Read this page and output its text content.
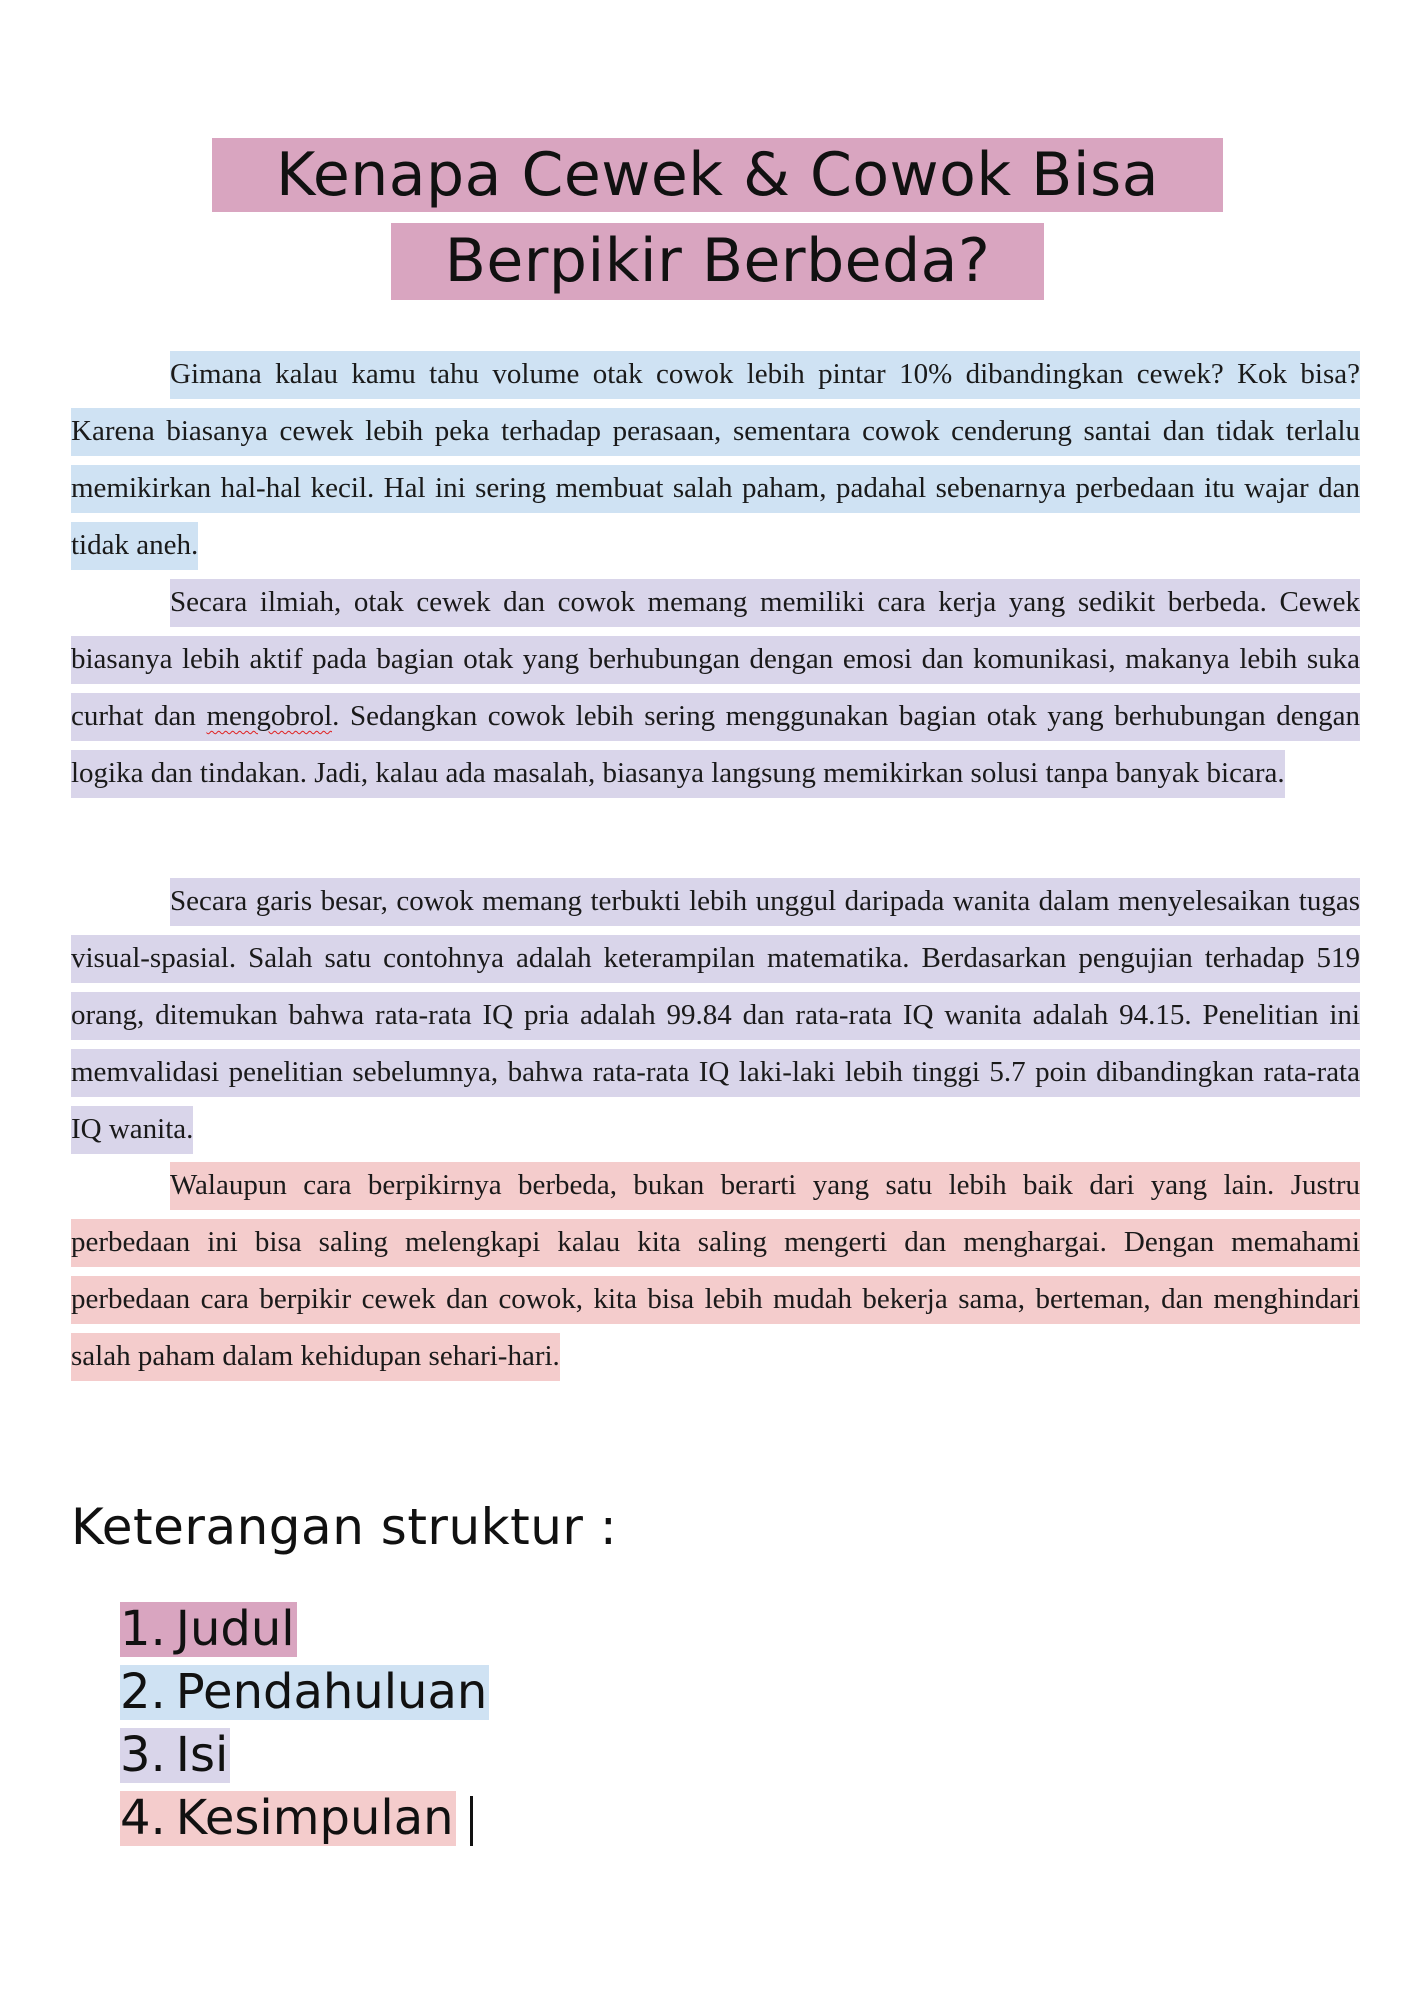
Kenapa Cewek & Cowok Bisa
Berpikir Berbeda?

Gimana kalau kamu tahu volume otak cowok lebih pintar 10% dibandingkan cewek? Kok bisa? Karena biasanya cewek lebih peka terhadap perasaan, sementara cowok cenderung santai dan tidak terlalu memikirkan hal-hal kecil. Hal ini sering membuat salah paham, padahal sebenarnya perbedaan itu wajar dan tidak aneh.

Secara ilmiah, otak cewek dan cowok memang memiliki cara kerja yang sedikit berbeda. Cewek biasanya lebih aktif pada bagian otak yang berhubungan dengan emosi dan komunikasi, makanya lebih suka curhat dan mengobrol. Sedangkan cowok lebih sering menggunakan bagian otak yang berhubungan dengan logika dan tindakan. Jadi, kalau ada masalah, biasanya langsung memikirkan solusi tanpa banyak bicara.

Secara garis besar, cowok memang terbukti lebih unggul daripada wanita dalam menyelesaikan tugas visual-spasial. Salah satu contohnya adalah keterampilan matematika. Berdasarkan pengujian terhadap 519 orang, ditemukan bahwa rata-rata IQ pria adalah 99.84 dan rata-rata IQ wanita adalah 94.15. Penelitian ini memvalidasi penelitian sebelumnya, bahwa rata-rata IQ laki-laki lebih tinggi 5.7 poin dibandingkan rata-rata IQ wanita.

Walaupun cara berpikirnya berbeda, bukan berarti yang satu lebih baik dari yang lain. Justru perbedaan ini bisa saling melengkapi kalau kita saling mengerti dan menghargai. Dengan memahami perbedaan cara berpikir cewek dan cowok, kita bisa lebih mudah bekerja sama, berteman, dan menghindari salah paham dalam kehidupan sehari-hari.

Keterangan struktur :
1. Judul
2. Pendahuluan
3. Isi
4. Kesimpulan
